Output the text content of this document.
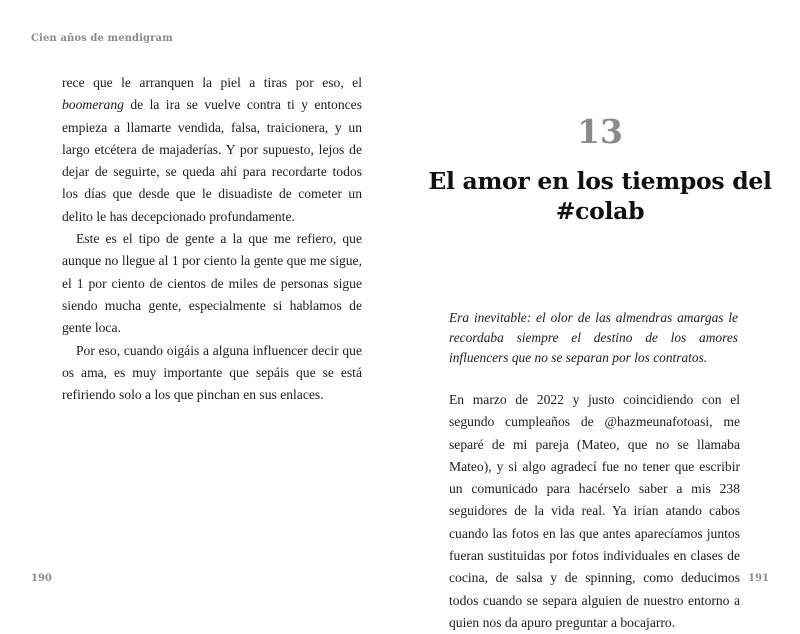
Cien años de mendigram

rece que le arranquen la piel a tiras por eso, el boomerang de la ira se vuelve contra ti y entonces empieza a llamarte vendida, falsa, traicionera, y un largo etcétera de majaderías. Y por supuesto, lejos de dejar de seguirte, se queda ahí para recordarte todos los días que desde que le disuadiste de cometer un delito le has decepcionado profundamente.

Este es el tipo de gente a la que me refiero, que aunque no llegue al 1 por ciento la gente que me sigue, el 1 por ciento de cientos de miles de personas sigue siendo mucha gente, especialmente si hablamos de gente loca.

Por eso, cuando oigáis a alguna influencer decir que os ama, es muy importante que sepáis que se está refiriendo solo a los que pinchan en sus enlaces.

190
13
El amor en los tiempos del #colab
Era inevitable: el olor de las almendras amargas le recordaba siempre el destino de los amores influencers que no se separan por los contratos.

En marzo de 2022 y justo coincidiendo con el segundo cumpleaños de @hazmeunafotoasi, me separé de mi pareja (Mateo, que no se llamaba Mateo), y si algo agradecí fue no tener que escribir un comunicado para hacérselo saber a mis 238 seguidores de la vida real. Ya irían atando cabos cuando las fotos en las que antes aparecíamos juntos fueran sustituidas por fotos individuales en clases de cocina, de salsa y de spinning, como deducimos todos cuando se separa alguien de nuestro entorno a quien nos da apuro preguntar a bocajarro.

191
